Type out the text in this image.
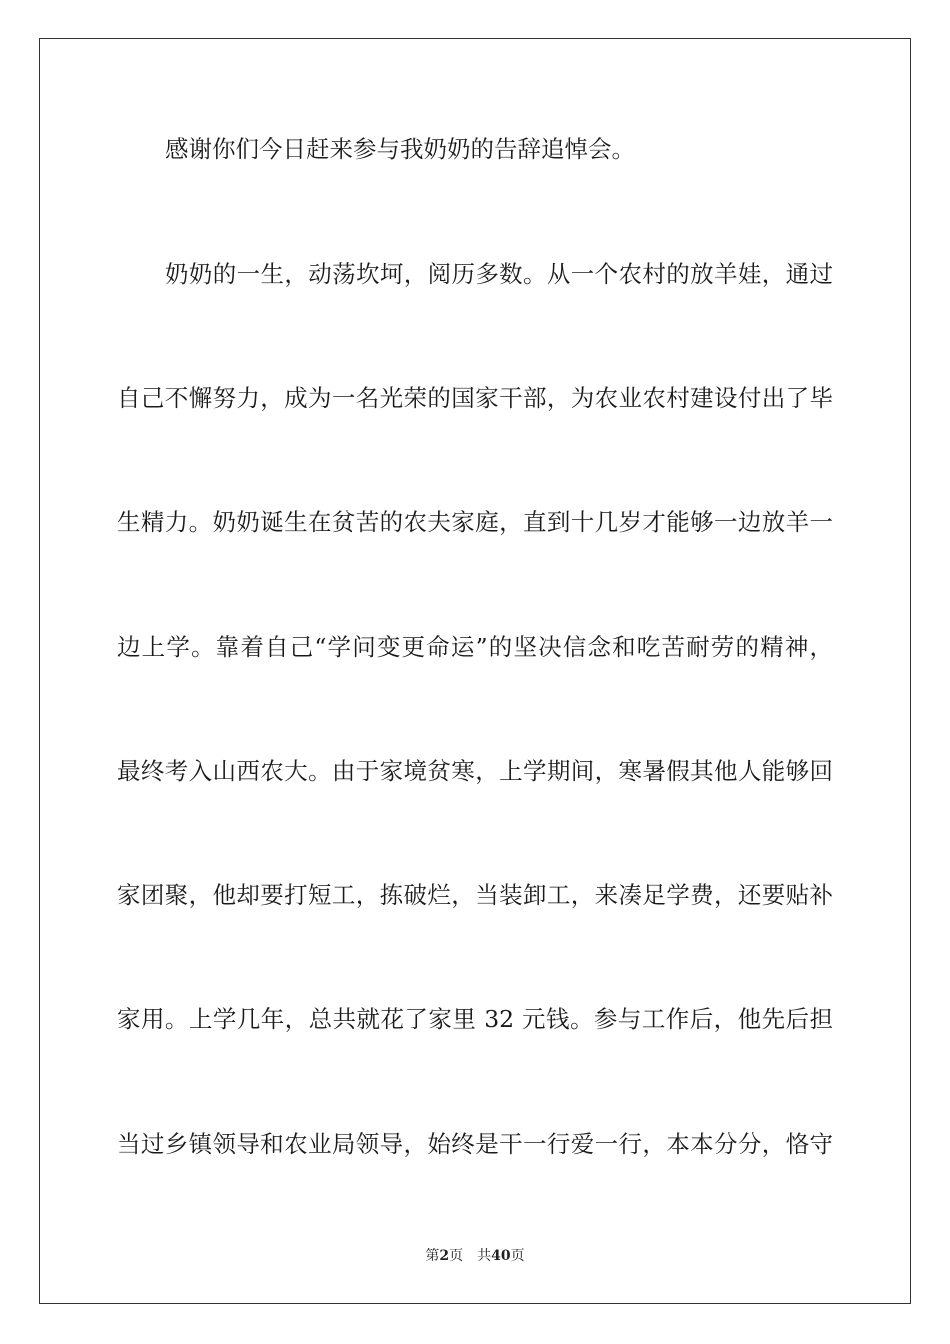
感谢你们今日赶来参与我奶奶的告辞追悼会。
奶奶的一生，动荡坎坷，阅历多数。从一个农村的放羊娃，通过
自己不懈努力，成为一名光荣的国家干部，为农业农村建设付出了毕
生精力。奶奶诞生在贫苦的农夫家庭，直到十几岁才能够一边放羊一
边上学。靠着自己“学问变更命运”的坚决信念和吃苦耐劳的精神，
最终考入山西农大。由于家境贫寒，上学期间，寒暑假其他人能够回
家团聚，他却要打短工，拣破烂，当装卸工，来凑足学费，还要贴补
家用。上学几年，总共就花了家里 32 元钱。参与工作后，他先后担
当过乡镇领导和农业局领导，始终是干一行爱一行，本本分分，恪守
第2页 共40页
